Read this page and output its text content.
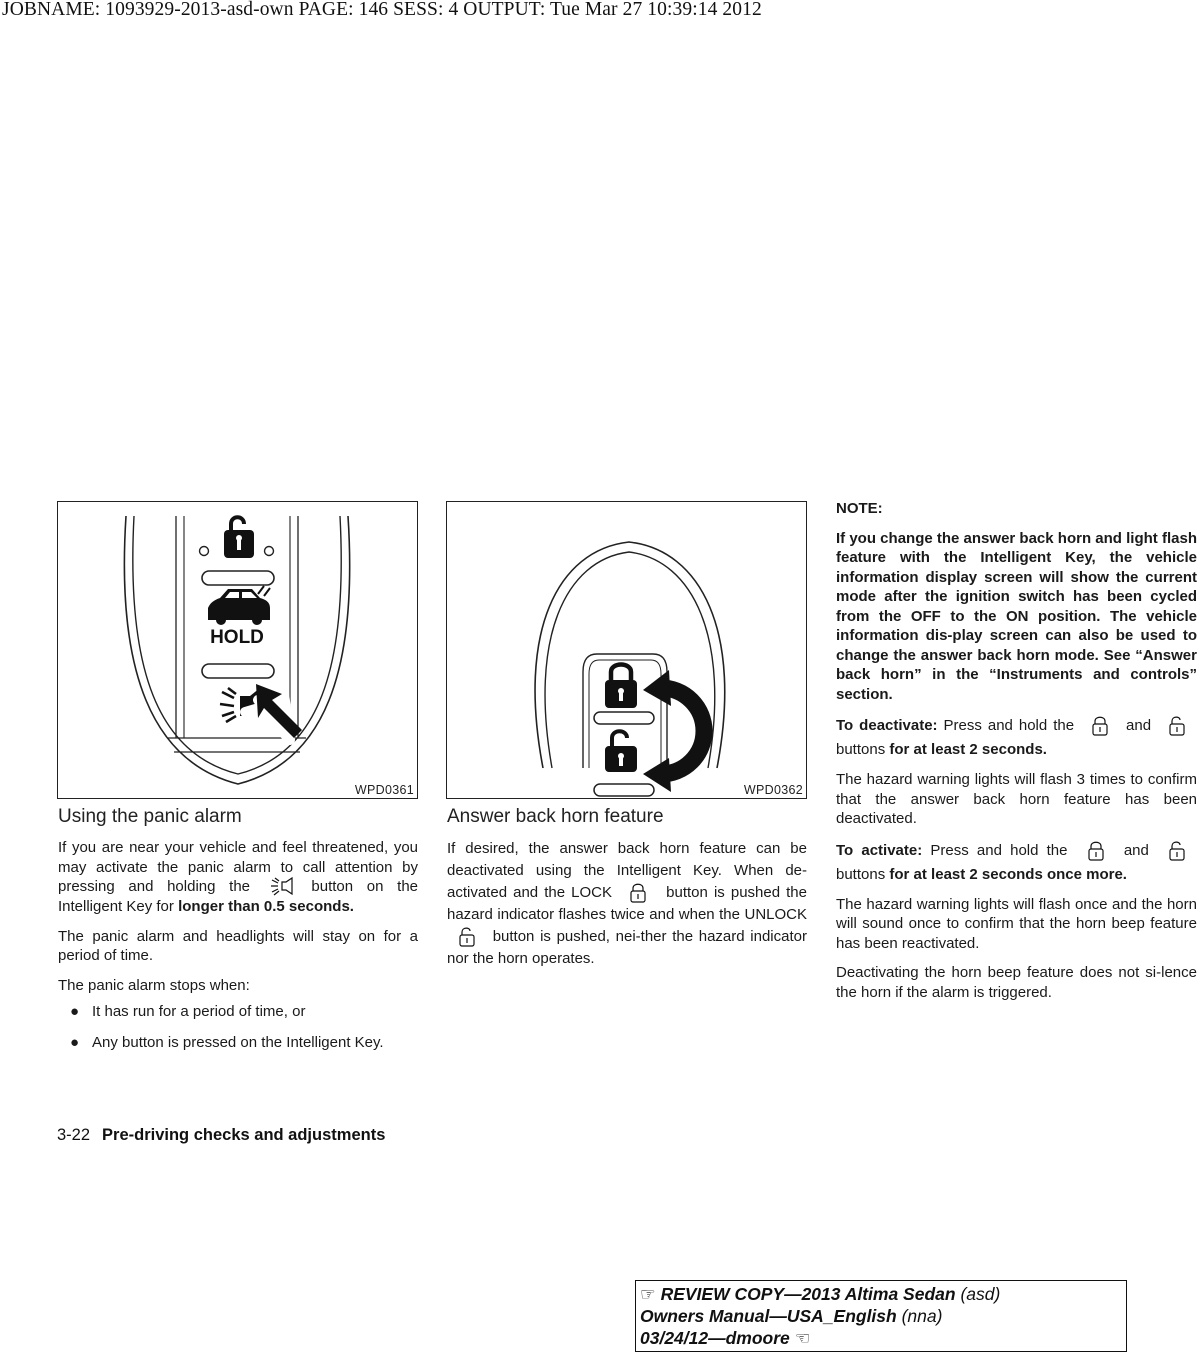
JOBNAME: 1093929-2013-asd-own PAGE: 146 SESS: 4 OUTPUT: Tue Mar 27 10:39:14 2012
HOLD
WPD0361	WPD0362
Using the panic alarm

If you are near your vehicle and feel threatened, you may activate the panic alarm to call attention by pressing and holding the	button on the Intelligent Key for longer than 0.5 seconds.

The panic alarm and headlights will stay on for a period of time.

The panic alarm stops when:

● It has run for a period of time, or
● Any button is pressed on the Intelligent Key.
Answer back horn feature

If desired, the answer back horn feature can be deactivated using the Intelligent Key. When de-activated and the LOCK	button is pushed the hazard indicator flashes twice and when the UNLOCK  button is pushed, nei-ther the hazard indicator nor the horn operates.

NOTE:

If you change the answer back horn and light flash feature with the Intelligent Key, the vehicle information display screen will show the current mode after the ignition switch has been cycled from the OFF to the ON position. The vehicle information dis-play screen can also be used to change the answer back horn mode. See “Answer back horn” in the “Instruments and controls” section.

To deactivate: Press and hold the	and  buttons for at least 2 seconds.

The hazard warning lights will flash 3 times to confirm that the answer back horn feature has been deactivated.

To activate: Press and hold the	and  buttons for at least 2 seconds once more.

The hazard warning lights will flash once and the horn will sound once to confirm that the horn beep feature has been reactivated.

Deactivating the horn beep feature does not si-lence the horn if the alarm is triggered.

3-22 Pre-driving checks and adjustments
☞ REVIEW COPY—2013 Altima Sedan (asd)
Owners Manual—USA_English (nna)
03/24/12—dmoore ☜
